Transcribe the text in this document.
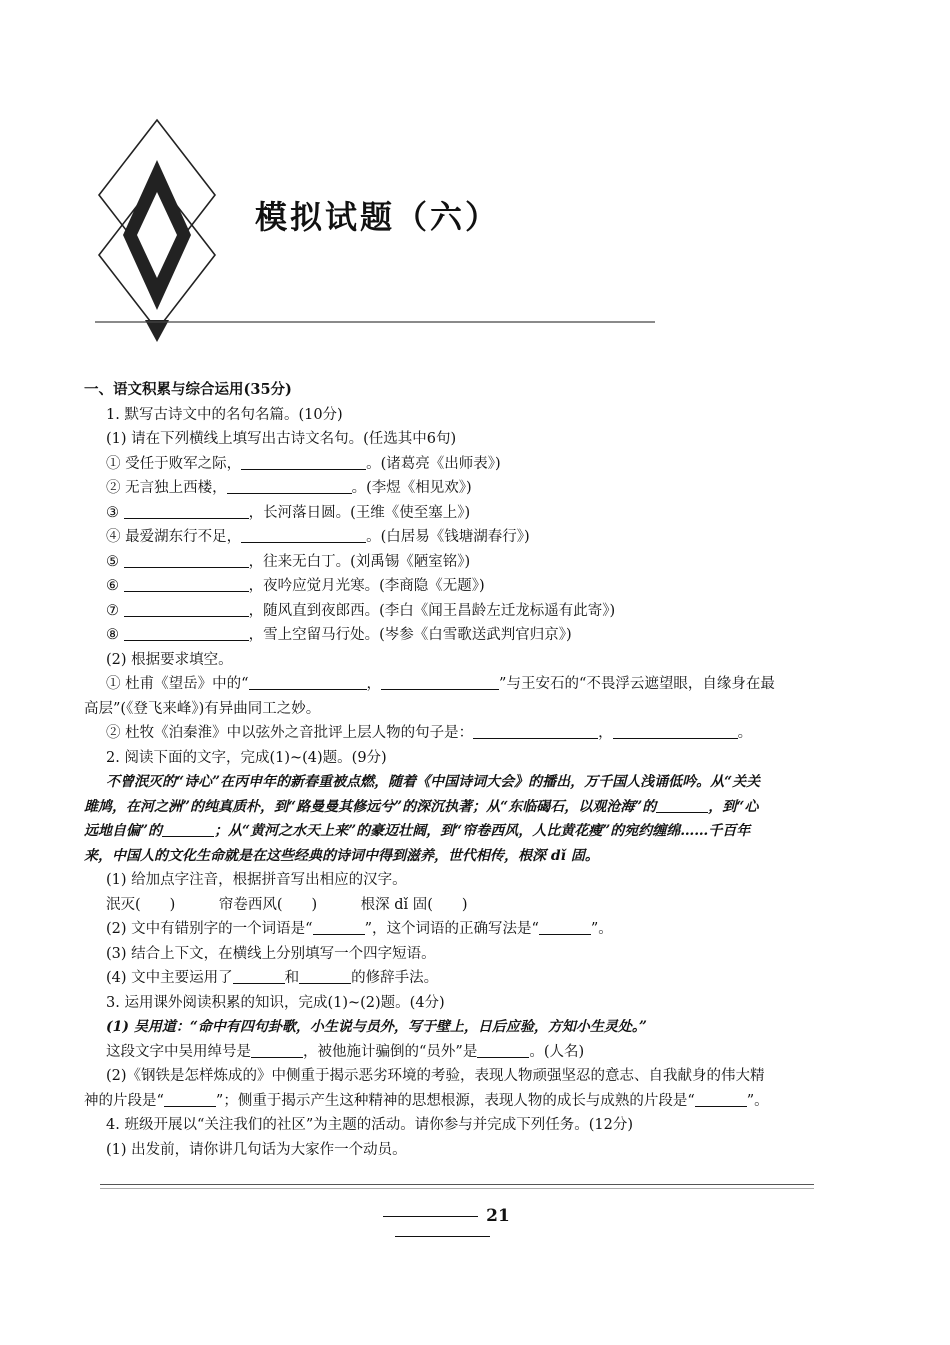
模拟试题（六）
一、语文积累与综合运用(35分)
1. 默写古诗文中的名句名篇。(10分)
(1) 请在下列横线上填写出古诗文名句。(任选其中6句)
① 受任于败军之际，	。(诸葛亮《出师表》)
② 无言独上西楼，	。(李煜《相见欢》)
③	，长河落日圆。(王维《使至塞上》)
④ 最爱湖东行不足，	。(白居易《钱塘湖春行》)
⑤	，往来无白丁。(刘禹锡《陋室铭》)
⑥	，夜吟应觉月光寒。(李商隐《无题》)
⑦	，随风直到夜郎西。(李白《闻王昌龄左迁龙标遥有此寄》)
⑧	，雪上空留马行处。(岑参《白雪歌送武判官归京》)
(2) 根据要求填空。
① 杜甫《望岳》中的“	，	”与王安石的“不畏浮云遮望眼，自缘身在最
高层”(《登飞来峰》)有异曲同工之妙。
② 杜牧《泊秦淮》中以弦外之音批评上层人物的句子是：	，	。
2. 阅读下面的文字，完成(1)~(4)题。(9分)
不曾泯灭的“诗心”在丙申年的新春重被点燃，随着《中国诗词大会》的播出，万千国人浅诵低吟。从“关关
雎鸠，在河之洲”的纯真质朴，到“路曼曼其修远兮”的深沉执著；从“东临碣石，以观沧海”的	，到“心
远地自偏”的	；从“黄河之水天上来”的豪迈壮阔，到“帘卷西风，人比黄花瘦”的宛约缠绵……千百年
来，中国人的文化生命就是在这些经典的诗词中得到滋养，世代相传，根深 dǐ 固。
(1) 给加点字注音，根据拼音写出相应的汉字。
泯灭(　　)　　　帘卷西风(　　)　　　根深 dǐ 固(　　)
(2) 文中有错别字的一个词语是“	”，这个词语的正确写法是“	”。
(3) 结合上下文，在横线上分别填写一个四字短语。
(4) 文中主要运用了	和	的修辞手法。
3. 运用课外阅读积累的知识，完成(1)~(2)题。(4分)
(1) 吴用道：“命中有四句卦歌，小生说与员外，写于壁上，日后应验，方知小生灵处。”
这段文字中吴用绰号是	，被他施计骗倒的“员外”是	。(人名)
(2)《钢铁是怎样炼成的》中侧重于揭示恶劣环境的考验，表现人物顽强坚忍的意志、自我献身的伟大精
神的片段是“	”；侧重于揭示产生这种精神的思想根源，表现人物的成长与成熟的片段是“	”。
4. 班级开展以“关注我们的社区”为主题的活动。请你参与并完成下列任务。(12分)
(1) 出发前，请你讲几句话为大家作一个动员。
21
